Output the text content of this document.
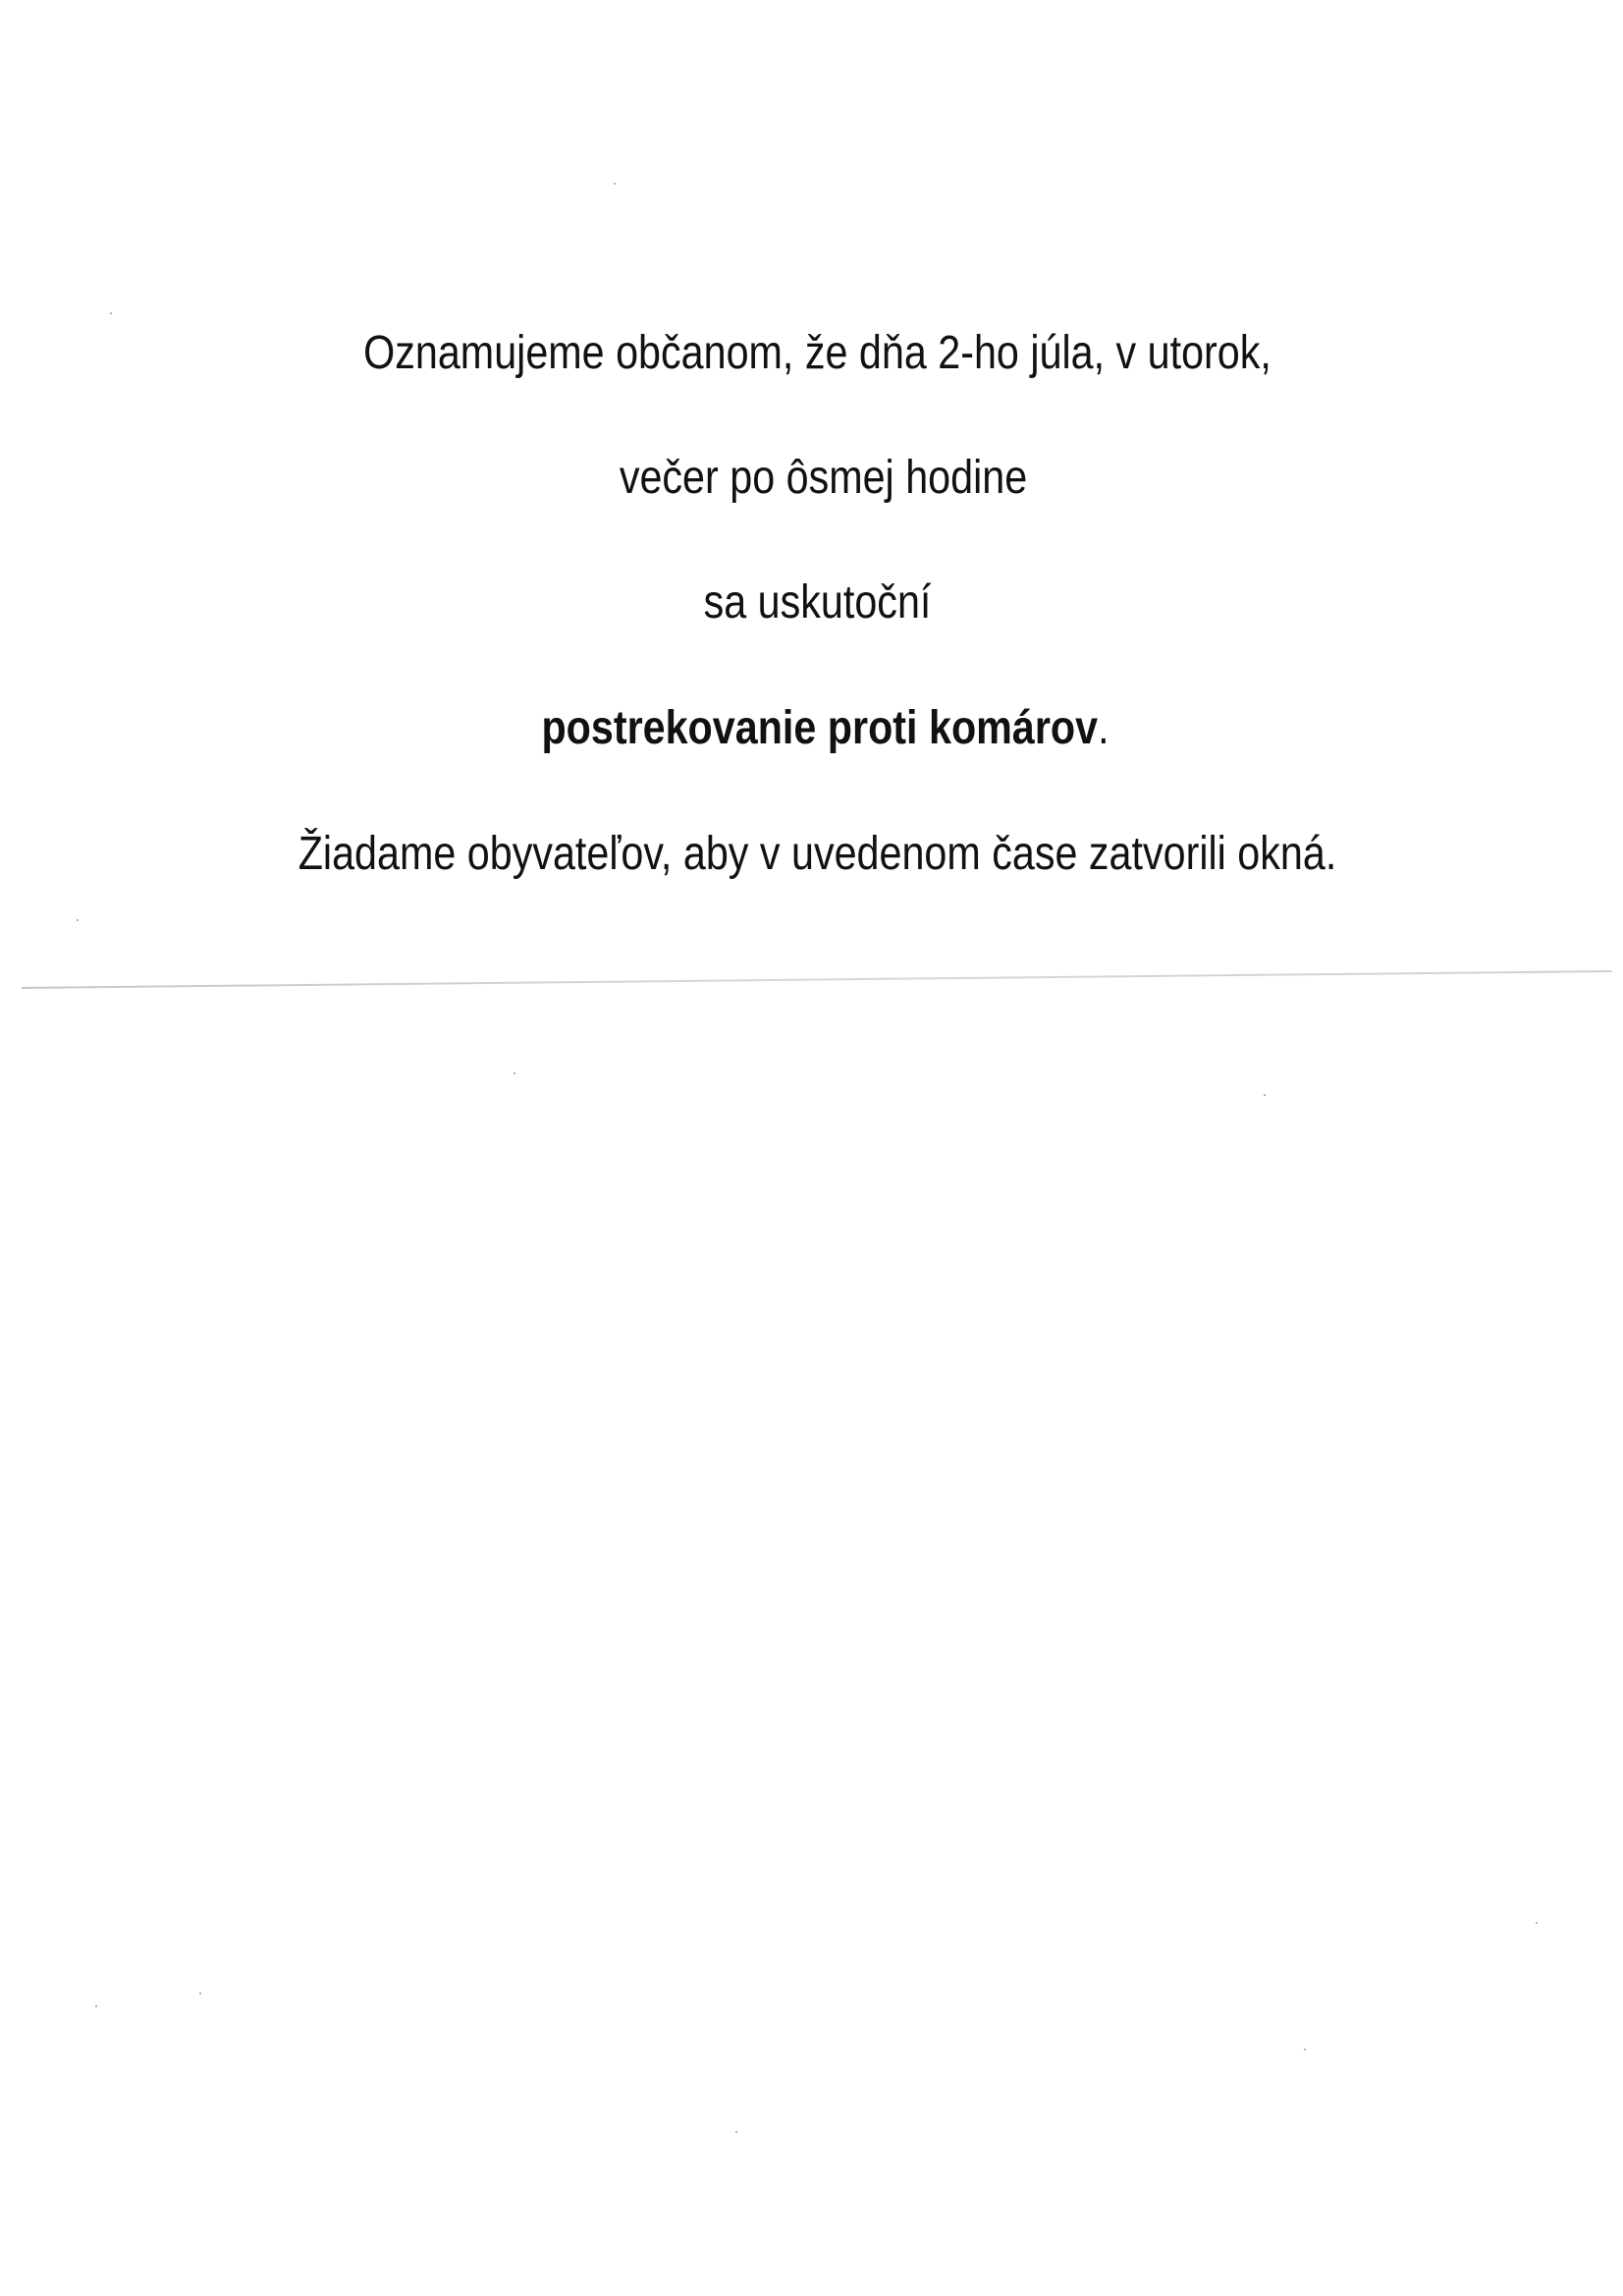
Oznamujeme občanom, že dňa 2-ho júla, v utorok,
večer po ôsmej hodine
sa uskutoční
postrekovanie proti komárov.
Žiadame obyvateľov, aby v uvedenom čase zatvorili okná.
